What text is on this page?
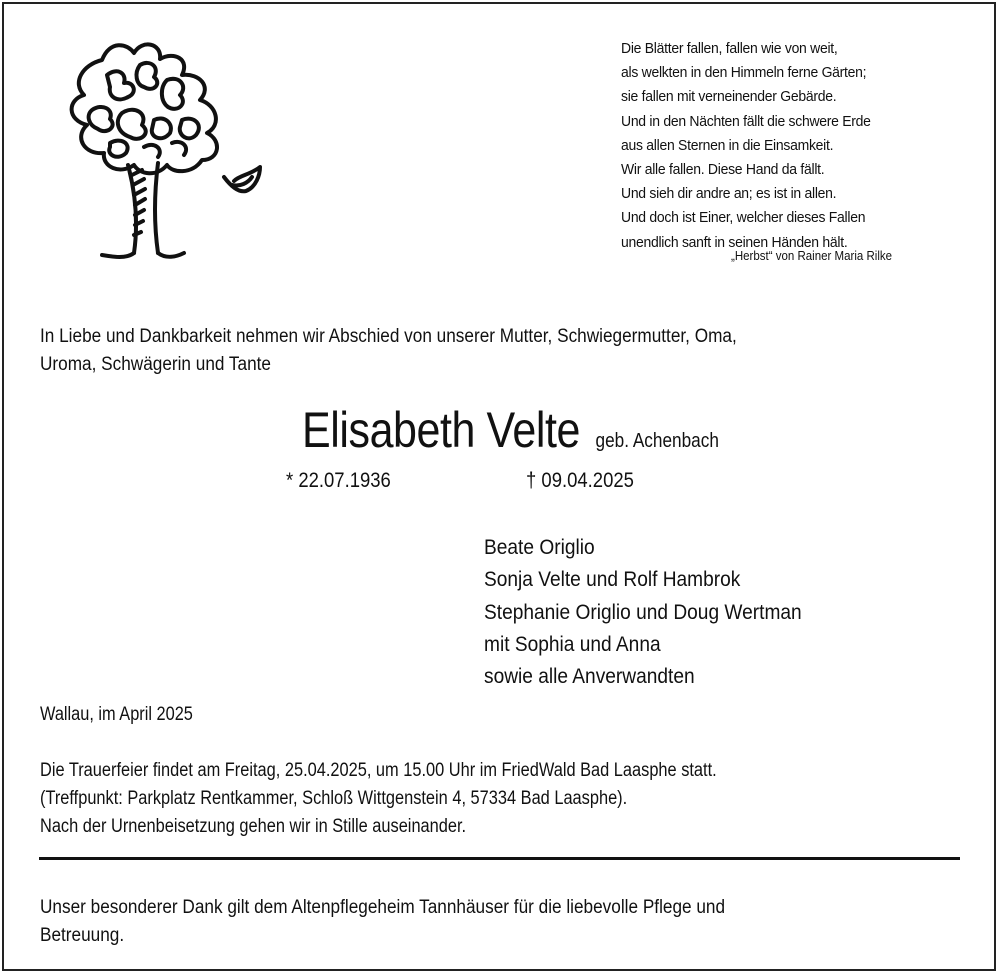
Die Blätter fallen, fallen wie von weit,
als welkten in den Himmeln ferne Gärten;
sie fallen mit verneinender Gebärde.
Und in den Nächten fällt die schwere Erde
aus allen Sternen in die Einsamkeit.
Wir alle fallen. Diese Hand da fällt.
Und sieh dir andre an; es ist in allen.
Und doch ist Einer, welcher dieses Fallen
unendlich sanft in seinen Händen hält.
„Herbst“ von Rainer Maria Rilke
In Liebe und Dankbarkeit nehmen wir Abschied von unserer Mutter, Schwiegermutter, Oma,
Uroma, Schwägerin und Tante
Elisabeth Velte geb. Achenbach
* 22.07.1936	† 09.04.2025
Beate Origlio
Sonja Velte und Rolf Hambrok
Stephanie Origlio und Doug Wertman
mit Sophia und Anna
sowie alle Anverwandten
Wallau, im April 2025
Die Trauerfeier findet am Freitag, 25.04.2025, um 15.00 Uhr im FriedWald Bad Laasphe statt.
(Treffpunkt: Parkplatz Rentkammer, Schloß Wittgenstein 4, 57334 Bad Laasphe).
Nach der Urnenbeisetzung gehen wir in Stille auseinander.
Unser besonderer Dank gilt dem Altenpflegeheim Tannhäuser für die liebevolle Pflege und
Betreuung.
